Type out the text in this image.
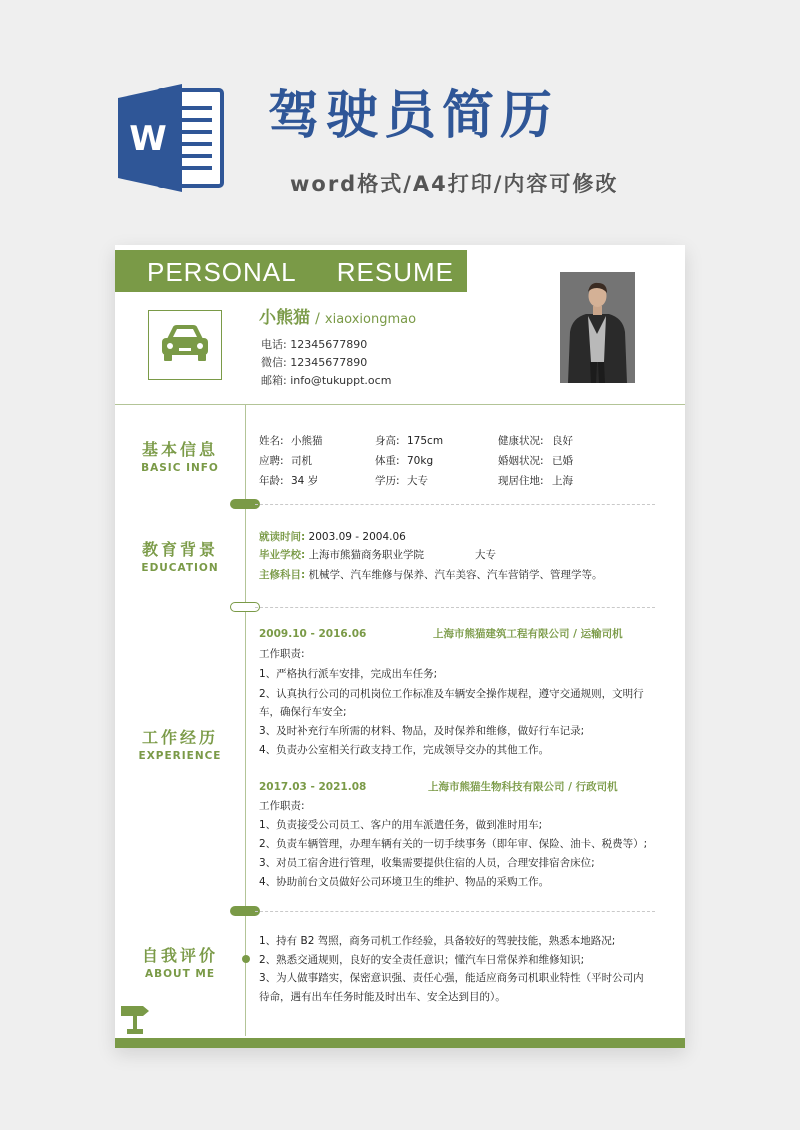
W 驾驶员简历
word格式/A4打印/内容可修改
PERSONAL RESUME
小熊猫 / xiaoxiongmao
电话: 12345677890
微信: 12345677890
邮箱: info@tukuppt.ocm
基本信息
BASIC INFO
姓名: 小熊猫	身高: 175cm	健康状况: 良好
应聘: 司机	体重: 70kg	婚姻状况: 已婚
年龄: 34 岁	学历: 大专	现居住地: 上海
教育背景
EDUCATION
就读时间: 2003.09 - 2004.06
毕业学校: 上海市熊猫商务职业学院	大专
主修科目: 机械学、汽车维修与保养、汽车美容、汽车营销学、管理学等。
工作经历
EXPERIENCE
2009.10 - 2016.06	上海市熊猫建筑工程有限公司 / 运输司机
工作职责:
1、严格执行派车安排，完成出车任务;
2、认真执行公司的司机岗位工作标准及车辆安全操作规程，遵守交通规则，文明行
车，确保行车安全;
3、及时补充行车所需的材料、物品，及时保养和维修，做好行车记录;
4、负责办公室相关行政支持工作，完成领导交办的其他工作。
2017.03 - 2021.08	上海市熊猫生物科技有限公司 / 行政司机
工作职责:
1、负责接受公司员工、客户的用车派遣任务，做到准时用车;
2、负责车辆管理，办理车辆有关的一切手续事务（即年审、保险、油卡、税费等）;
3、对员工宿舍进行管理，收集需要提供住宿的人员，合理安排宿舍床位;
4、协助前台文员做好公司环境卫生的维护、物品的采购工作。
自我评价
ABOUT ME
1、持有 B2 驾照，商务司机工作经验，具备较好的驾驶技能，熟悉本地路况;
2、熟悉交通规则，良好的安全责任意识；懂汽车日常保养和维修知识;
3、为人做事踏实，保密意识强、责任心强，能适应商务司机职业特性（平时公司内
待命，遇有出车任务时能及时出车、安全达到目的）。
